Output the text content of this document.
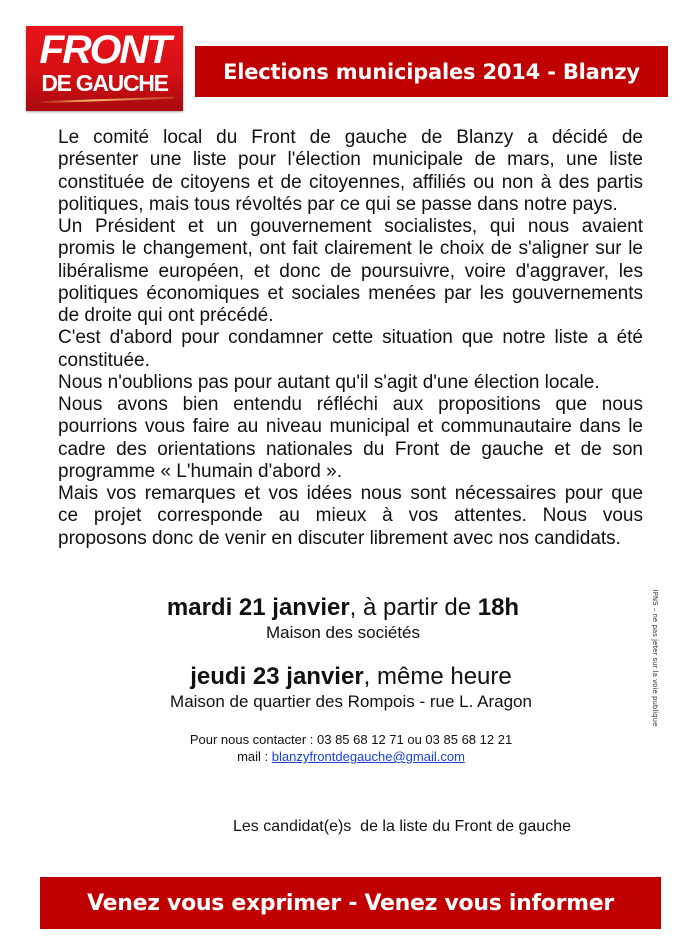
FRONT
DE GAUCHE	Elections municipales 2014 - Blanzy
Le comité local du Front de gauche de Blanzy a décidé de
présenter une liste pour l'élection municipale de mars, une liste
constituée de citoyens et de citoyennes, affiliés ou non à des partis
politiques, mais tous révoltés par ce qui se passe dans notre pays.
Un Président et un gouvernement socialistes, qui nous avaient
promis le changement, ont fait clairement le choix de s'aligner sur le
libéralisme européen, et donc de poursuivre, voire d'aggraver, les
politiques économiques et sociales menées par les gouvernements
de droite qui ont précédé.
C'est d'abord pour condamner cette situation que notre liste a été
constituée.
Nous n'oublions pas pour autant qu'il s'agit d'une élection locale.
Nous avons bien entendu réfléchi aux propositions que nous
pourrions vous faire au niveau municipal et communautaire dans le
cadre des orientations nationales du Front de gauche et de son
programme « L'humain d'abord ».
Mais vos remarques et vos idées nous sont nécessaires pour que
ce projet corresponde au mieux à vos attentes. Nous vous
proposons donc de venir en discuter librement avec nos candidats.
mardi 21 janvier, à partir de 18h
Maison des sociétés
jeudi 23 janvier, même heure
Maison de quartier des Rompois - rue L. Aragon
Pour nous contacter : 03 85 68 12 71 ou 03 85 68 12 21
mail : blanzyfrontdegauche@gmail.com
IPNS – ne pas jeter sur la voie publique
Les candidat(e)s  de la liste du Front de gauche
Venez vous exprimer - Venez vous informer
